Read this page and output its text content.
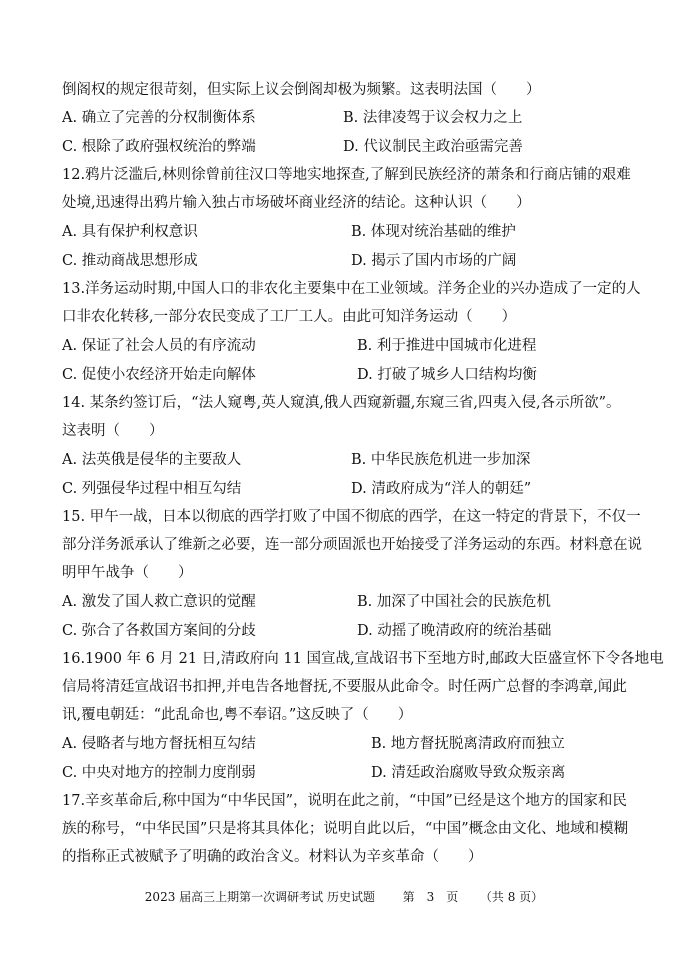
倒阁权的规定很苛刻，但实际上议会倒阁却极为频繁。这表明法国（　　）
A. 确立了完善的分权制衡体系	B. 法律凌驾于议会权力之上
C. 根除了政府强权统治的弊端	D. 代议制民主政治亟需完善
12.鸦片泛滥后,林则徐曾前往汉口等地实地探查,了解到民族经济的萧条和行商店铺的艰难
处境,迅速得出鸦片输入独占市场破坏商业经济的结论。这种认识（　　）
A. 具有保护利权意识	B. 体现对统治基础的维护
C. 推动商战思想形成	D. 揭示了国内市场的广阔
13.洋务运动时期,中国人口的非农化主要集中在工业领域。洋务企业的兴办造成了一定的人
口非农化转移,一部分农民变成了工厂工人。由此可知洋务运动（　　）
A. 保证了社会人员的有序流动	B. 利于推进中国城市化进程
C. 促使小农经济开始走向解体	D. 打破了城乡人口结构均衡
14. 某条约签订后，“法人窥粤,英人窥滇,俄人西窥新疆,东窥三省,四夷入侵,各示所欲”。
这表明（　　）
A. 法英俄是侵华的主要敌人	B. 中华民族危机进一步加深
C. 列强侵华过程中相互勾结	D. 清政府成为“洋人的朝廷”
15. 甲午一战，日本以彻底的西学打败了中国不彻底的西学，在这一特定的背景下，不仅一
部分洋务派承认了维新之必要，连一部分顽固派也开始接受了洋务运动的东西。材料意在说
明甲午战争（　　）
A. 激发了国人救亡意识的觉醒	B. 加深了中国社会的民族危机
C. 弥合了各救国方案间的分歧	D. 动摇了晚清政府的统治基础
16.1900 年 6 月 21 日,清政府向 11 国宣战,宣战诏书下至地方时,邮政大臣盛宣怀下令各地电
信局将清廷宣战诏书扣押,并电告各地督抚,不要服从此命令。时任两广总督的李鸿章,闻此
讯,覆电朝廷：“此乱命也,粤不奉诏。”这反映了（　　）
A. 侵略者与地方督抚相互勾结	B. 地方督抚脱离清政府而独立
C. 中央对地方的控制力度削弱	D. 清廷政治腐败导致众叛亲离
17.辛亥革命后,称中国为“中华民国”，说明在此之前，“中国”已经是这个地方的国家和民
族的称号，“中华民国”只是将其具体化；说明自此以后，“中国”概念由文化、地域和模糊
的指称正式被赋予了明确的政治含义。材料认为辛亥革命（　　）
2023 届高三上期第一次调研考试 历史试题 第　3　页 （共 8 页）
